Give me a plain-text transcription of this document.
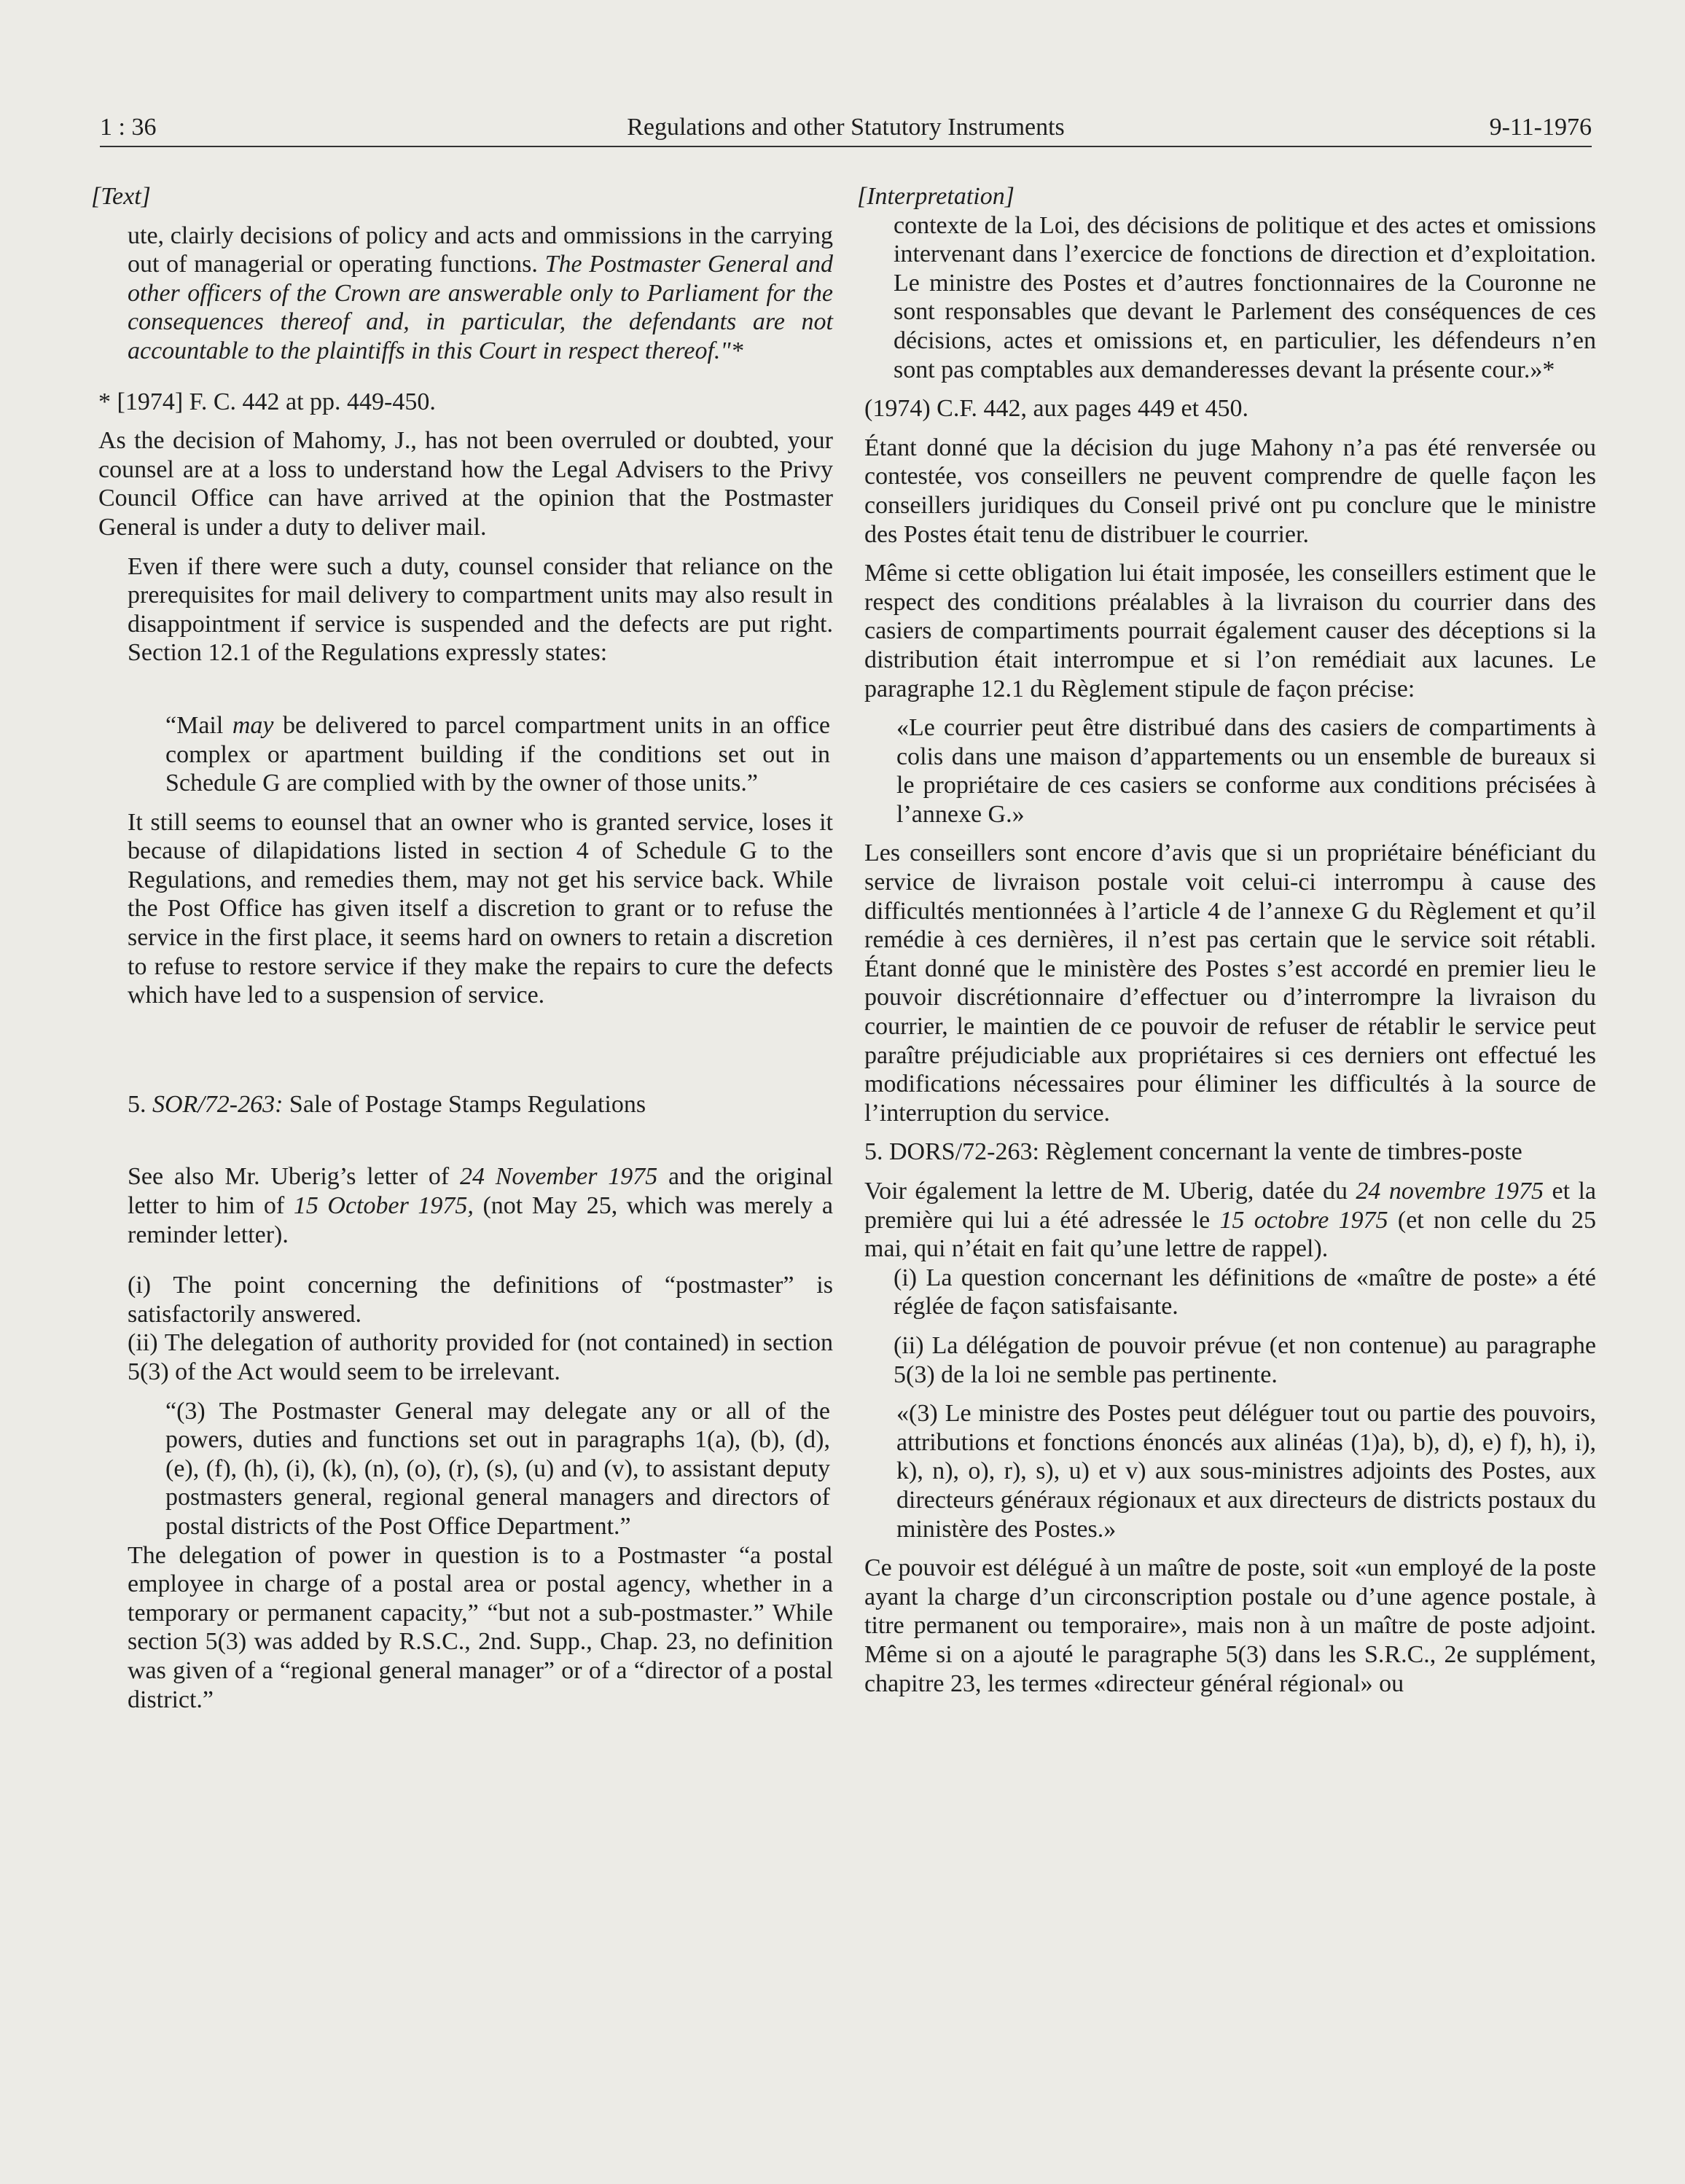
1 : 36	Regulations and other Statutory Instruments	9-11-1976

[Text]

ute, clairly decisions of policy and acts and ommissions in the carrying out of managerial or operating functions. The Postmaster General and other officers of the Crown are answerable only to Parliament for the consequences thereof and, in particular, the defendants are not accountable to the plaintiffs in this Court in respect thereof."*

* [1974] F. C. 442 at pp. 449-450.

As the decision of Mahomy, J., has not been overruled or doubted, your counsel are at a loss to understand how the Legal Advisers to the Privy Council Office can have arrived at the opinion that the Postmaster General is under a duty to deliver mail.

Even if there were such a duty, counsel consider that reliance on the prerequisites for mail delivery to compartment units may also result in disappointment if service is suspended and the defects are put right. Section 12.1 of the Regulations expressly states:

“Mail may be delivered to parcel compartment units in an office complex or apartment building if the conditions set out in Schedule G are complied with by the owner of those units.”

It still seems to eounsel that an owner who is granted service, loses it because of dilapidations listed in section 4 of Schedule G to the Regulations, and remedies them, may not get his service back. While the Post Office has given itself a discretion to grant or to refuse the service in the first place, it seems hard on owners to retain a discretion to refuse to restore service if they make the repairs to cure the defects which have led to a suspension of service.

5. SOR/72-263: Sale of Postage Stamps Regulations

See also Mr. Uberig’s letter of 24 November 1975 and the original letter to him of 15 October 1975, (not May 25, which was merely a reminder letter).

(i) The point concerning the definitions of “postmaster” is satisfactorily answered.

(ii) The delegation of authority provided for (not contained) in section 5(3) of the Act would seem to be irrelevant.

“(3) The Postmaster General may delegate any or all of the powers, duties and functions set out in paragraphs 1(a), (b), (d), (e), (f), (h), (i), (k), (n), (o), (r), (s), (u) and (v), to assistant deputy postmasters general, regional general managers and directors of postal districts of the Post Office Department.”

The delegation of power in question is to a Postmaster “a postal employee in charge of a postal area or postal agency, whether in a temporary or permanent capacity,” “but not a sub-postmaster.” While section 5(3) was added by R.S.C., 2nd. Supp., Chap. 23, no definition was given of a “regional general manager” or of a “director of a postal district.”

[Interpretation]

contexte de la Loi, des décisions de politique et des actes et omissions intervenant dans l’exercice de fonctions de direction et d’exploitation. Le ministre des Postes et d’autres fonctionnaires de la Couronne ne sont responsables que devant le Parlement des conséquences de ces décisions, actes et omissions et, en particulier, les défendeurs n’en sont pas comptables aux demanderesses devant la présente cour.»*

(1974) C.F. 442, aux pages 449 et 450.

Étant donné que la décision du juge Mahony n’a pas été renversée ou contestée, vos conseillers ne peuvent comprendre de quelle façon les conseillers juridiques du Conseil privé ont pu conclure que le ministre des Postes était tenu de distribuer le courrier.

Même si cette obligation lui était imposée, les conseillers estiment que le respect des conditions préalables à la livraison du courrier dans des casiers de compartiments pourrait également causer des déceptions si la distribution était interrompue et si l’on remédiait aux lacunes. Le paragraphe 12.1 du Règlement stipule de façon précise:

«Le courrier peut être distribué dans des casiers de compartiments à colis dans une maison d’appartements ou un ensemble de bureaux si le propriétaire de ces casiers se conforme aux conditions précisées à l’annexe G.»

Les conseillers sont encore d’avis que si un propriétaire bénéficiant du service de livraison postale voit celui-ci interrompu à cause des difficultés mentionnées à l’article 4 de l’annexe G du Règlement et qu’il remédie à ces dernières, il n’est pas certain que le service soit rétabli. Étant donné que le ministère des Postes s’est accordé en premier lieu le pouvoir discrétionnaire d’effectuer ou d’interrompre la livraison du courrier, le maintien de ce pouvoir de refuser de rétablir le service peut paraître préjudiciable aux propriétaires si ces derniers ont effectué les modifications nécessaires pour éliminer les difficultés à la source de l’interruption du service.

5. DORS/72-263: Règlement concernant la vente de timbres-poste

Voir également la lettre de M. Uberig, datée du 24 novembre 1975 et la première qui lui a été adressée le 15 octobre 1975 (et non celle du 25 mai, qui n’était en fait qu’une lettre de rappel).

(i) La question concernant les définitions de «maître de poste» a été réglée de façon satisfaisante.

(ii) La délégation de pouvoir prévue (et non contenue) au paragraphe 5(3) de la loi ne semble pas pertinente.

«(3) Le ministre des Postes peut déléguer tout ou partie des pouvoirs, attributions et fonctions énoncés aux alinéas (1)a), b), d), e) f), h), i), k), n), o), r), s), u) et v) aux sous-ministres adjoints des Postes, aux directeurs généraux régionaux et aux directeurs de districts postaux du ministère des Postes.»

Ce pouvoir est délégué à un maître de poste, soit «un employé de la poste ayant la charge d’un circonscription postale ou d’une agence postale, à titre permanent ou temporaire», mais non à un maître de poste adjoint. Même si on a ajouté le paragraphe 5(3) dans les S.R.C., 2e supplément, chapitre 23, les termes «directeur général régional» ou
